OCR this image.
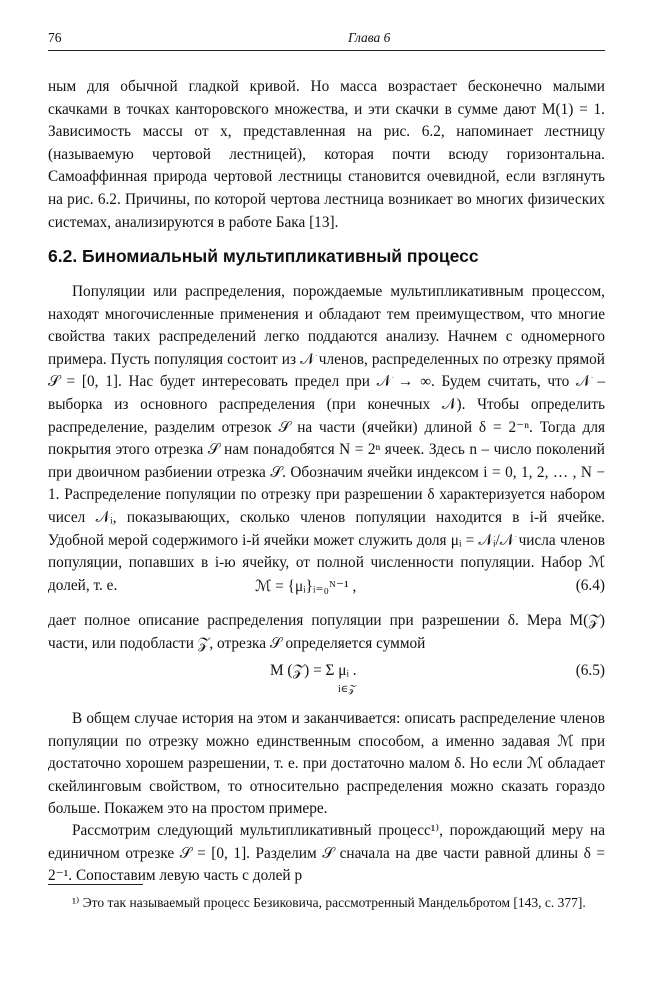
76	Глава 6
ным для обычной гладкой кривой. Но масса возрастает бесконечно малыми скачками в точках канторовского множества, и эти скачки в сумме дают M(1) = 1. Зависимость массы от x, представленная на рис. 6.2, напоминает лестницу (называемую чертовой лестницей), которая почти всюду горизонтальна. Самоаффинная природа чертовой лестницы становится очевидной, если взглянуть на рис. 6.2. Причины, по которой чертова лестница возникает во многих физических системах, анализируются в работе Бака [13].
6.2. Биномиальный мультипликативный процесс
Популяции или распределения, порождаемые мультипликативным процессом, находят многочисленные применения и обладают тем преимуществом, что многие свойства таких распределений легко поддаются анализу. Начнем с одномерного примера. Пусть популяция состоит из 𝒩 членов, распределенных по отрезку прямой 𝒮 = [0, 1]. Нас будет интересовать предел при 𝒩 → ∞. Будем считать, что 𝒩 – выборка из основного распределения (при конечных 𝒩). Чтобы определить распределение, разделим отрезок 𝒮 на части (ячейки) длиной δ = 2⁻ⁿ. Тогда для покрытия этого отрезка 𝒮 нам понадобятся N = 2ⁿ ячеек. Здесь n – число поколений при двоичном разбиении отрезка 𝒮. Обозначим ячейки индексом i = 0, 1, 2, … , N − 1. Распределение популяции по отрезку при разрешении δ характеризуется набором чисел 𝒩ᵢ, показывающих, сколько членов популяции находится в i-й ячейке. Удобной мерой содержимого i-й ячейки может служить доля μᵢ = 𝒩ᵢ/𝒩 числа членов популяции, попавших в i-ю ячейку, от полной численности популяции. Набор ℳ долей, т. е.	ℳ = {μᵢ}ᵢ₌₀ᴺ⁻¹ ,	(6.4)
дает полное описание распределения популяции при разрешении δ. Мера M(𝒵) части, или подобласти 𝒵, отрезка 𝒮 определяется суммой
M (𝒵) = Σ μᵢ .
i∈𝒵
(6.5)
В общем случае история на этом и заканчивается: описать распределение членов популяции по отрезку можно единственным способом, а именно задавая ℳ при достаточно хорошем разрешении, т. е. при достаточно малом δ. Но если ℳ обладает скейлинговым свойством, то относительно распределения можно сказать гораздо больше. Покажем это на простом примере.
Рассмотрим следующий мультипликативный процесс¹⁾, порождающий меру на единичном отрезке 𝒮 = [0, 1]. Разделим 𝒮 сначала на две части равной длины δ = 2⁻¹. Сопоставим левую часть с долей p
¹⁾ Это так называемый процесс Безиковича, рассмотренный Мандельбротом [143, с. 377].
